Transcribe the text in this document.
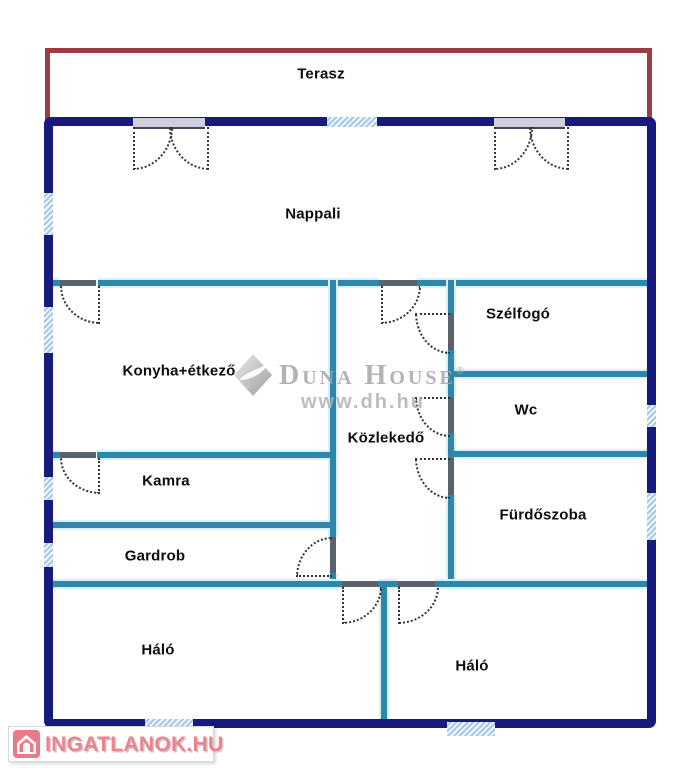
Terasz
Nappali
Konyha+étkező
Szélfogó
Wc
Közlekedő
Kamra
Fürdőszoba
Gardrob
Háló
Háló
Duna House®
www.dh.hu
INGATLANOK.HU
